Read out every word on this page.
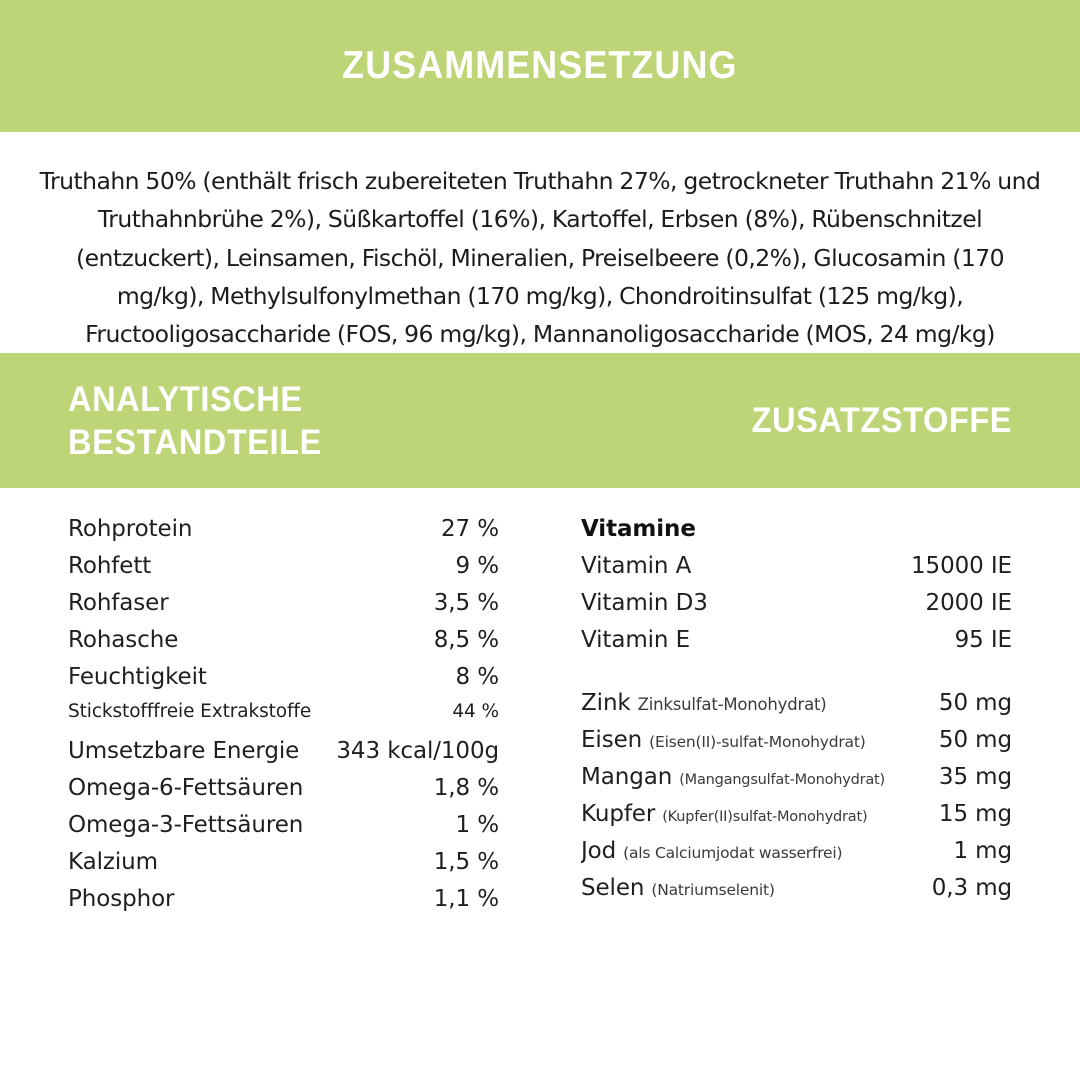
ZUSAMMENSETZUNG
Truthahn 50% (enthält frisch zubereiteten Truthahn 27%, getrockneter Truthahn 21% und Truthahnbrühe 2%), Süßkartoffel (16%), Kartoffel, Erbsen (8%), Rübenschnitzel (entzuckert), Leinsamen, Fischöl, Mineralien, Preiselbeere (0,2%), Glucosamin (170 mg/kg), Methylsulfonylmethan (170 mg/kg), Chondroitinsulfat (125 mg/kg), Fructooligosaccharide (FOS, 96 mg/kg), Mannanoligosaccharide (MOS, 24 mg/kg)
ANALYTISCHE
BESTANDTEILE
ZUSATZSTOFFE
Rohprotein	27 %
Rohfett	9 %
Rohfaser	3,5 %
Rohasche	8,5 %
Feuchtigkeit	8 %
Stickstofffreie Extrakstoffe	44 %
Umsetzbare Energie	343 kcal/100g
Omega-6-Fettsäuren	1,8 %
Omega-3-Fettsäuren	1 %
Kalzium	1,5 %
Phosphor	1,1 %
Vitamine
Vitamin A	15000 IE
Vitamin D3	2000 IE
Vitamin E	95 IE
Zink Zinksulfat-Monohydrat)	50 mg
Eisen (Eisen(II)-sulfat-Monohydrat)	50 mg
Mangan (Mangangsulfat-Monohydrat)	35 mg
Kupfer (Kupfer(II)sulfat-Monohydrat)	15 mg
Jod (als Calciumjodat wasserfrei)	1 mg
Selen (Natriumselenit)	0,3 mg
